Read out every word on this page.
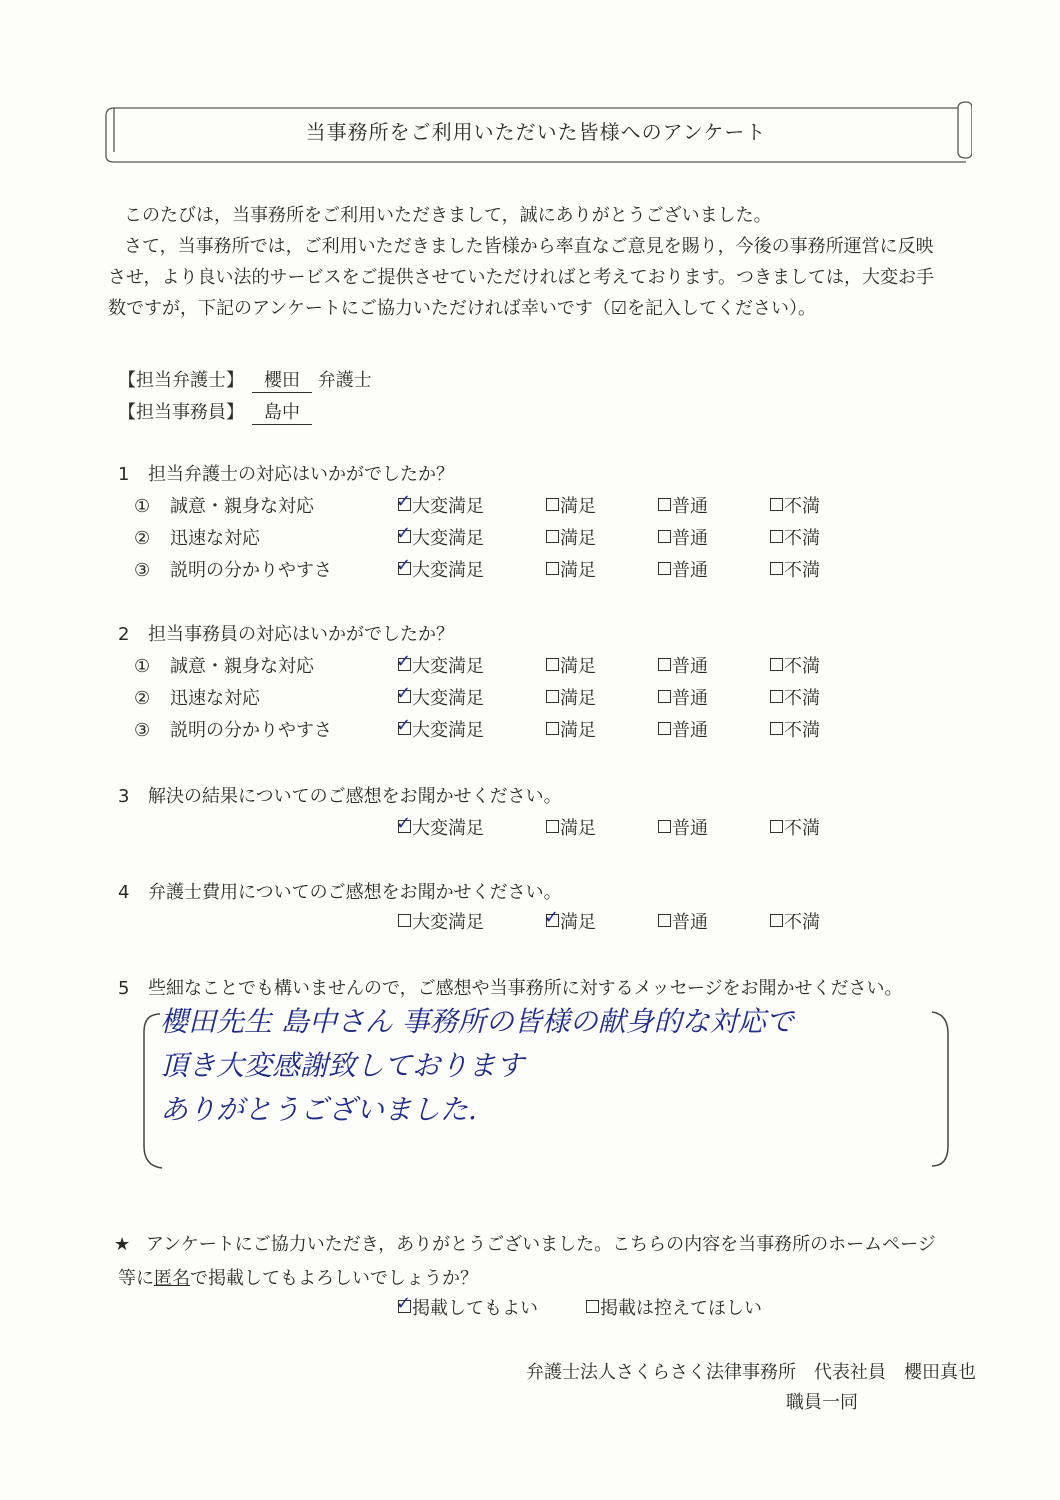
当事務所をご利用いただいた皆様へのアンケート

このたびは，当事務所をご利用いただきまして，誠にありがとうございました。

さて，当事務所では，ご利用いただきました皆様から率直なご意見を賜り，今後の事務所運営に反映

させ，より良い法的サービスをご提供させていただければと考えております。つきましては，大変お手

数ですが，下記のアンケートにご協力いただければ幸いです（☑を記入してください）。

【担当弁護士】 櫻田 弁護士
【担当事務員】 島中
1 担当弁護士の対応はいかがでしたか？
① 誠意・親身な対応	✓ 大変満足	満足	普通	不満
② 迅速な対応	✓ 大変満足	満足	普通	不満
③ 説明の分かりやすさ	✓ 大変満足	満足	普通	不満
2 担当事務員の対応はいかがでしたか？
① 誠意・親身な対応	✓ 大変満足	満足	普通	不満
② 迅速な対応	✓ 大変満足	満足	普通	不満
③ 説明の分かりやすさ	✓ 大変満足	満足	普通	不満
3 解決の結果についてのご感想をお聞かせください。
✓ 大変満足	満足	普通	不満
4 弁護士費用についてのご感想をお聞かせください。
大変満足	✓ 満足	普通	不満
5 些細なことでも構いませんので，ご感想や当事務所に対するメッセージをお聞かせください。
櫻田先生 島中さん 事務所の皆様の献身的な対応で
頂き大変感謝致しております
ありがとうございました.
★ アンケートにご協力いただき，ありがとうございました。こちらの内容を当事務所のホームページ
等に匿名で掲載してもよろしいでしょうか？
✓ 掲載してもよい	掲載は控えてほしい
弁護士法人さくらさく法律事務所　代表社員　櫻田真也
職員一同
